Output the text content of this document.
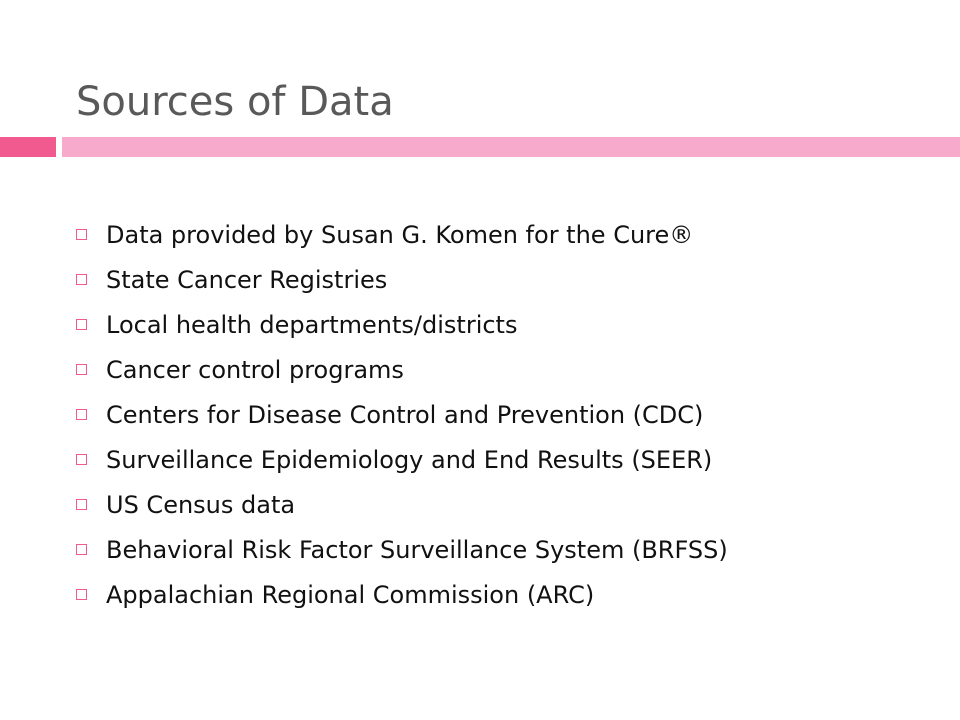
Sources of Data
Data provided by Susan G. Komen for the Cure®
State Cancer Registries
Local health departments/districts
Cancer control programs
Centers for Disease Control and Prevention (CDC)
Surveillance Epidemiology and End Results (SEER)
US Census data
Behavioral Risk Factor Surveillance System (BRFSS)
Appalachian Regional Commission (ARC)
